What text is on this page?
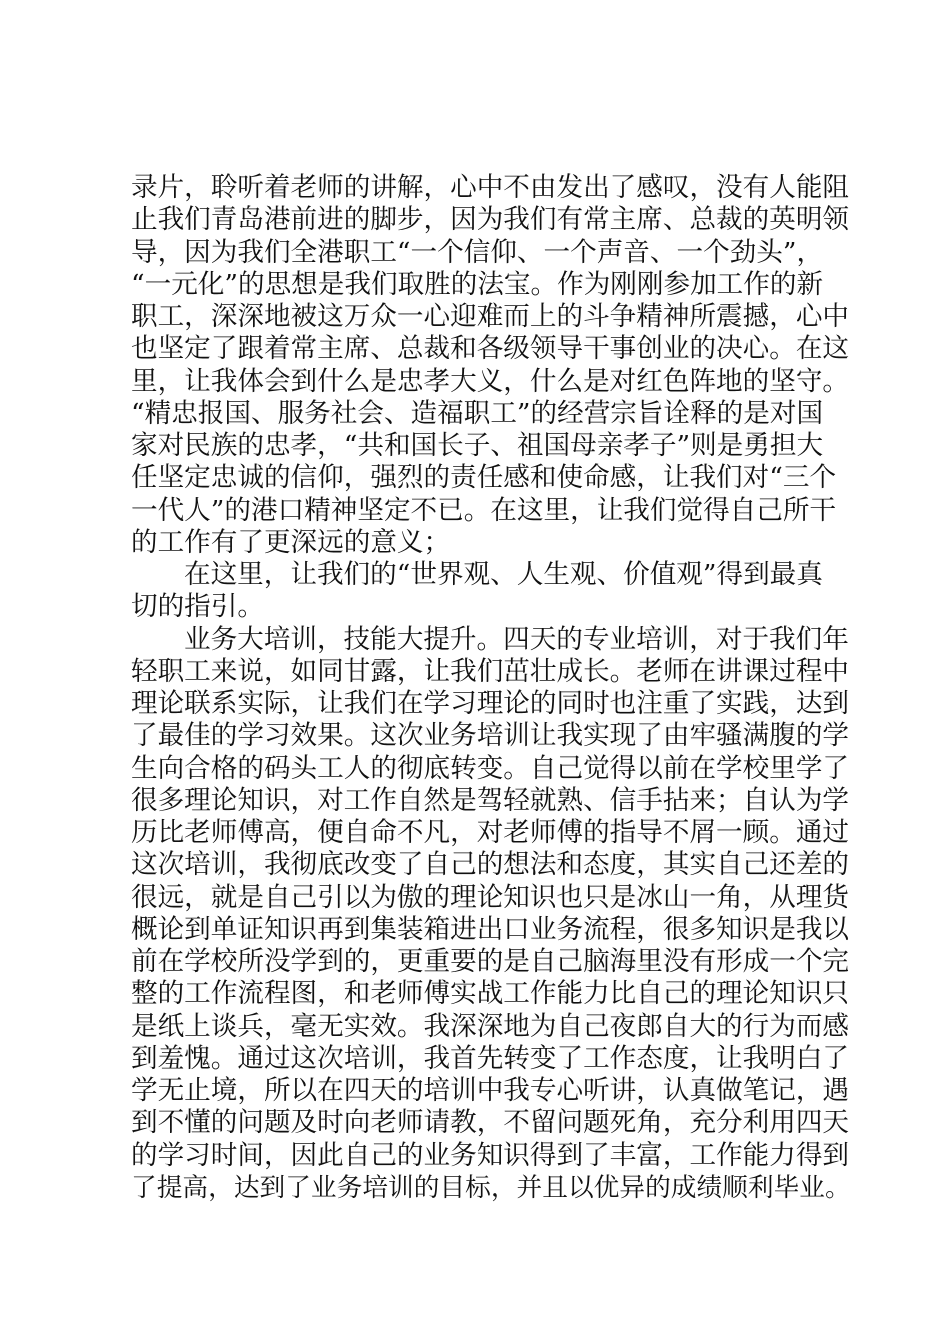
录片，聆听着老师的讲解，心中不由发出了感叹，没有人能阻
止我们青岛港前进的脚步，因为我们有常主席、总裁的英明领
导，因为我们全港职工“一个信仰、一个声音、一个劲头”，
“一元化”的思想是我们取胜的法宝。作为刚刚参加工作的新
职工，深深地被这万众一心迎难而上的斗争精神所震撼，心中
也坚定了跟着常主席、总裁和各级领导干事创业的决心。在这
里，让我体会到什么是忠孝大义，什么是对红色阵地的坚守。
“精忠报国、服务社会、造福职工”的经营宗旨诠释的是对国
家对民族的忠孝，“共和国长子、祖国母亲孝子”则是勇担大
任坚定忠诚的信仰，强烈的责任感和使命感，让我们对“三个
一代人”的港口精神坚定不已。在这里，让我们觉得自己所干
的工作有了更深远的意义；
在这里，让我们的“世界观、人生观、价值观”得到最真
切的指引。
业务大培训，技能大提升。四天的专业培训，对于我们年
轻职工来说，如同甘露，让我们茁壮成长。老师在讲课过程中
理论联系实际，让我们在学习理论的同时也注重了实践，达到
了最佳的学习效果。这次业务培训让我实现了由牢骚满腹的学
生向合格的码头工人的彻底转变。自己觉得以前在学校里学了
很多理论知识，对工作自然是驾轻就熟、信手拈来；自认为学
历比老师傅高，便自命不凡，对老师傅的指导不屑一顾。通过
这次培训，我彻底改变了自己的想法和态度，其实自己还差的
很远，就是自己引以为傲的理论知识也只是冰山一角，从理货
概论到单证知识再到集装箱进出口业务流程，很多知识是我以
前在学校所没学到的，更重要的是自己脑海里没有形成一个完
整的工作流程图，和老师傅实战工作能力比自己的理论知识只
是纸上谈兵，毫无实效。我深深地为自己夜郎自大的行为而感
到羞愧。通过这次培训，我首先转变了工作态度，让我明白了
学无止境，所以在四天的培训中我专心听讲，认真做笔记，遇
到不懂的问题及时向老师请教，不留问题死角，充分利用四天
的学习时间，因此自己的业务知识得到了丰富，工作能力得到
了提高，达到了业务培训的目标，并且以优异的成绩顺利毕业。
